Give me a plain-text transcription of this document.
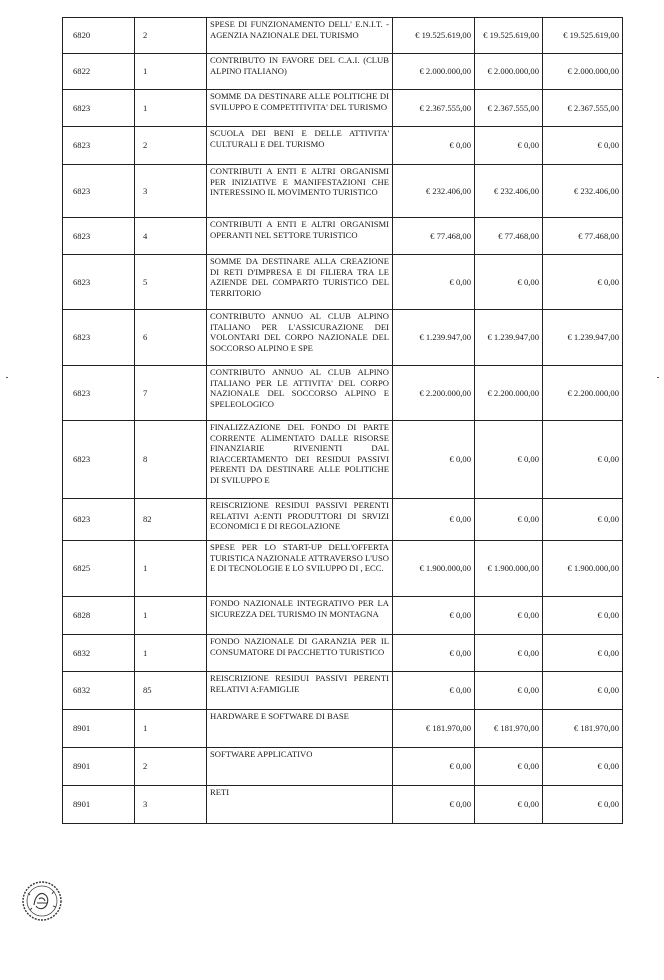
6820	2	SPESE DI FUNZIONAMENTO DELL' E.N.I.T. - AGENZIA NAZIONALE DEL TURISMO	€ 19.525.619,00	€ 19.525.619,00	€ 19.525.619,00
6822	1	CONTRIBUTO IN FAVORE DEL C.A.I. (CLUB ALPINO ITALIANO)	€ 2.000.000,00	€ 2.000.000,00	€ 2.000.000,00
6823	1	SOMME DA DESTINARE ALLE POLITICHE DI SVILUPPO E COMPETITIVITA' DEL TURISMO	€ 2.367.555,00	€ 2.367.555,00	€ 2.367.555,00
6823	2	SCUOLA DEI BENI E DELLE ATTIVITA' CULTURALI E DEL TURISMO	€ 0,00	€ 0,00	€ 0,00
6823	3	CONTRIBUTI A ENTI E ALTRI ORGANISMI PER INIZIATIVE E MANIFESTAZIONI CHE INTERESSINO IL MOVIMENTO TURISTICO	€ 232.406,00	€ 232.406,00	€ 232.406,00
6823	4	CONTRIBUTI A ENTI E ALTRI ORGANISMI OPERANTI NEL SETTORE TURISTICO	€ 77.468,00	€ 77.468,00	€ 77.468,00
6823	5	SOMME DA DESTINARE ALLA CREAZIONE DI RETI D'IMPRESA E DI FILIERA TRA LE AZIENDE DEL COMPARTO TURISTICO DEL TERRITORIO	€ 0,00	€ 0,00	€ 0,00
6823	6	CONTRIBUTO ANNUO AL CLUB ALPINO ITALIANO PER L'ASSICURAZIONE DEI VOLONTARI DEL CORPO NAZIONALE DEL SOCCORSO ALPINO E SPE	€ 1.239.947,00	€ 1.239.947,00	€ 1.239.947,00
6823	7	CONTRIBUTO ANNUO AL CLUB ALPINO ITALIANO PER LE ATTIVITA' DEL CORPO NAZIONALE DEL SOCCORSO ALPINO E SPELEOLOGICO	€ 2.200.000,00	€ 2.200.000,00	€ 2.200.000,00
6823	8	FINALIZZAZIONE DEL FONDO DI PARTE CORRENTE ALIMENTATO DALLE RISORSE FINANZIARIE RIVENIENTI DAL RIACCERTAMENTO DEI RESIDUI PASSIVI PERENTI DA DESTINARE ALLE POLITICHE DI SVILUPPO E	€ 0,00	€ 0,00	€ 0,00
6823	82	REISCRIZIONE RESIDUI PASSIVI PERENTI RELATIVI A:ENTI PRODUTTORI DI SRVIZI ECONOMICI E DI REGOLAZIONE	€ 0,00	€ 0,00	€ 0,00
6825	1	SPESE PER LO START-UP DELL'OFFERTA TURISTICA NAZIONALE ATTRAVERSO L'USO E DI TECNOLOGIE E LO SVILUPPO DI , ECC.	€ 1.900.000,00	€ 1.900.000,00	€ 1.900.000,00
6828	1	FONDO NAZIONALE INTEGRATIVO PER LA SICUREZZA DEL TURISMO IN MONTAGNA	€ 0,00	€ 0,00	€ 0,00
6832	1	FONDO NAZIONALE DI GARANZIA PER IL CONSUMATORE DI PACCHETTO TURISTICO	€ 0,00	€ 0,00	€ 0,00
6832	85	REISCRIZIONE RESIDUI PASSIVI PERENTI RELATIVI A:FAMIGLIE	€ 0,00	€ 0,00	€ 0,00
8901	1	HARDWARE E SOFTWARE DI BASE	€ 181.970,00	€ 181.970,00	€ 181.970,00
8901	2	SOFTWARE APPLICATIVO	€ 0,00	€ 0,00	€ 0,00
8901	3	RETI	€ 0,00	€ 0,00	€ 0,00
